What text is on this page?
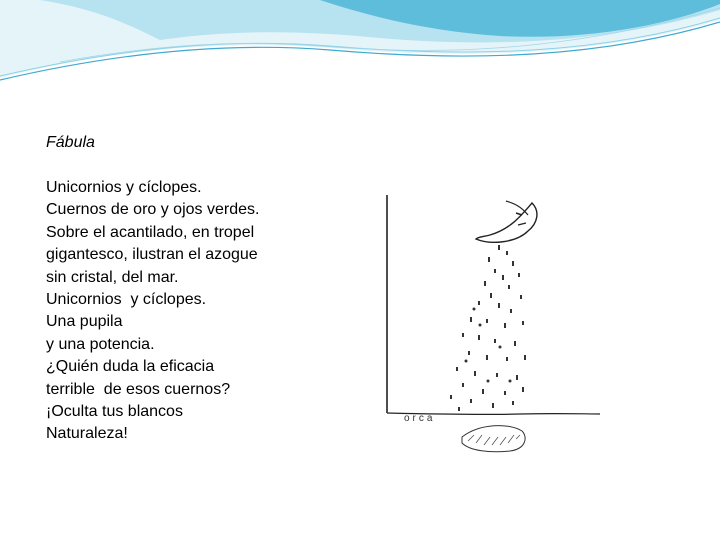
Fábula
Unicornios y cíclopes.
Cuernos de oro y ojos verdes.
Sobre el acantilado, en tropel
gigantesco, ilustran el azogue
sin cristal, del mar.
Unicornios  y cíclopes.
Una pupila
y una potencia.
¿Quién duda la eficacia
terrible  de esos cuernos?
¡Oculta tus blancos
Naturaleza!
orca
